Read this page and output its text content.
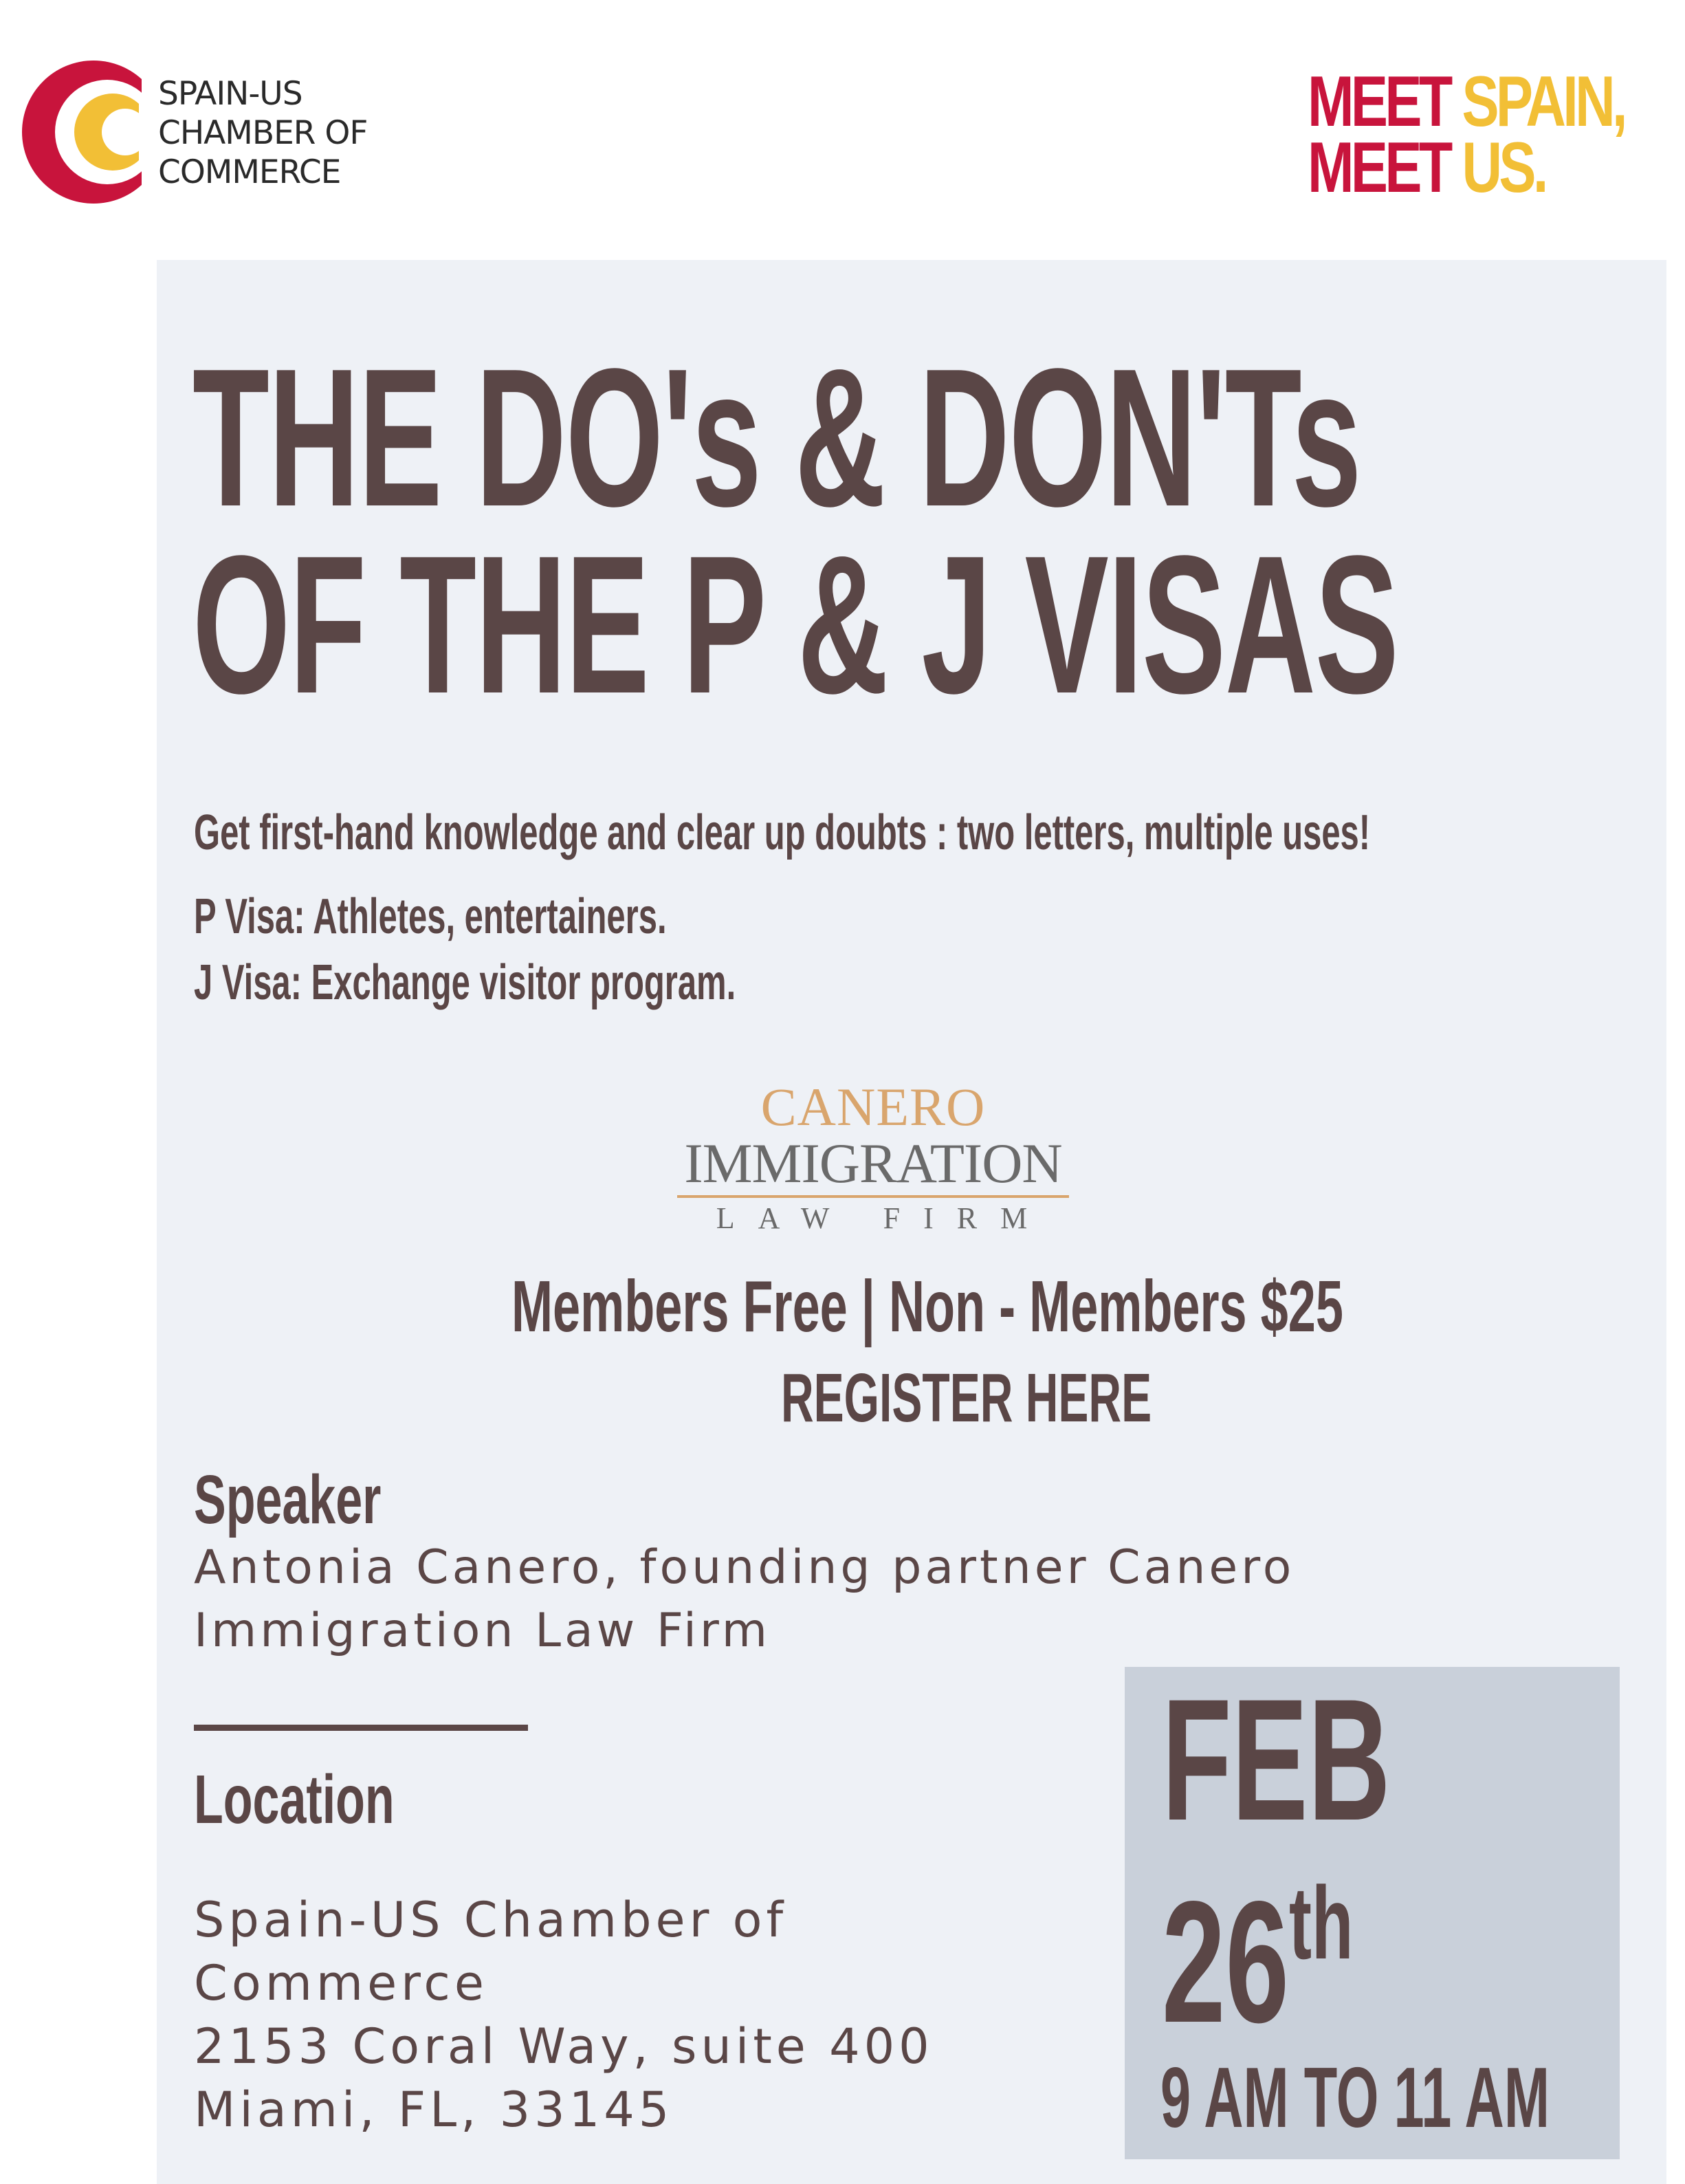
SPAIN-US
CHAMBER OF
COMMERCE
MEET SPAIN,
MEET US.
THE DO's & DON'Ts
OF THE P & J VISAS
Get first-hand knowledge and clear up doubts : two letters, multiple uses!
P Visa: Athletes, entertainers.
J Visa: Exchange visitor program.
CANERO
IMMIGRATION
LAW FIRM
Members Free | Non - Members $25
REGISTER HERE
Speaker
Antonia Canero, founding partner Canero
Immigration Law Firm
Location
Spain-US Chamber of
Commerce
2153 Coral Way, suite 400
Miami, FL, 33145
FEB
26th
9 AM TO 11 AM
